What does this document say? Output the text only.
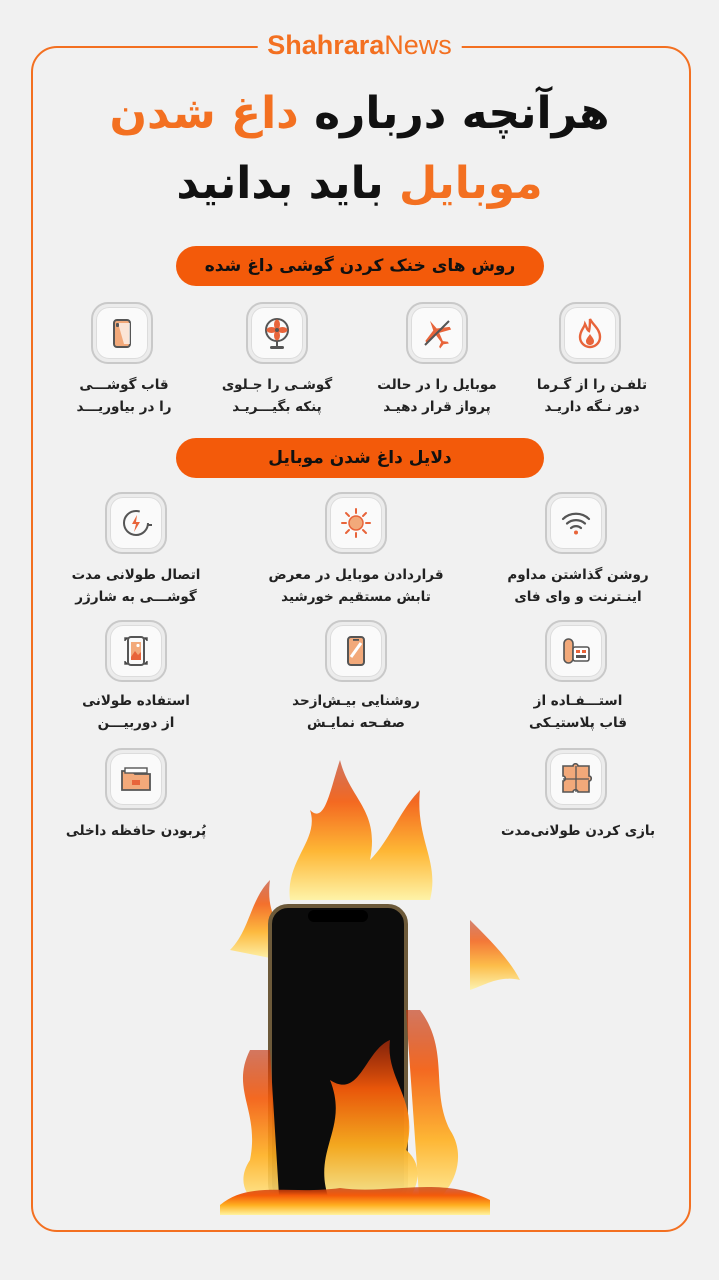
ShahraraNews
هرآنچه درباره داغ شدن
موبایل باید بدانید
روش های خنک کردن گوشی داغ شده
تلفـن را از گـرما
دور نـگه داریـد
موبایل را در حالت
پرواز قرار دهیـد
گوشـی را جـلوی
پنکه بگیـــریـد
قاب گوشـــی
را در بیاوریـــد
دلایل داغ شدن موبایل
روشن گذاشتن مداوم
اینـترنت و وای فای
قراردادن موبایل در معرض
تابش مستقیم خورشید
اتصال طولانی مدت
گوشـــی به شارژر
استـــفـاده از
قاب پلاستیـکی
روشنایی بیـش‌ازحد
صفـحه نمایـش
استفاده طولانی
از دوربیـــن
بازی کردن طولانی‌مدت
پُربودن حافظه داخلی
